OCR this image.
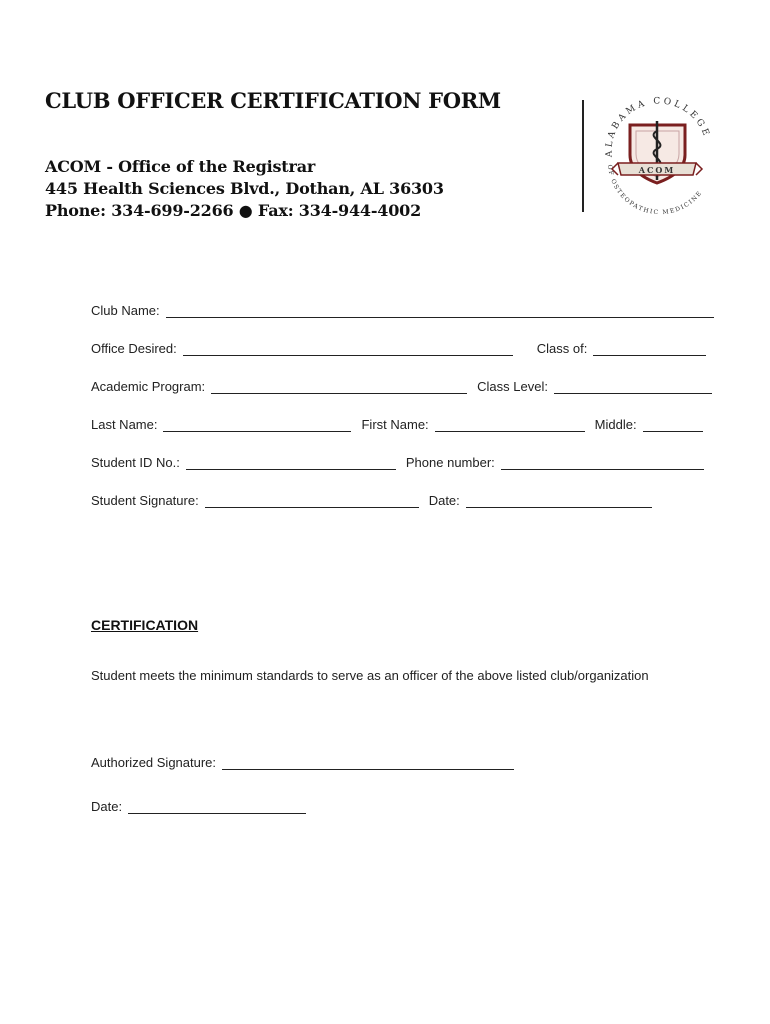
CLUB OFFICER CERTIFICATION FORM
ACOM - Office of the Registrar
445 Health Sciences Blvd., Dothan, AL 36303
Phone: 334-699-2266 ● Fax: 334-944-4002
ALABAMA COLLEGE
OF OSTEOPATHIC MEDICINE
ACOM
Club Name:
Office Desired:	Class of:
Academic Program:	Class Level:
Last Name:	First Name:	Middle:
Student ID No.:	Phone number:
Student Signature:	Date:
CERTIFICATION
Student meets the minimum standards to serve as an officer of the above listed club/organization
Authorized Signature:
Date:
